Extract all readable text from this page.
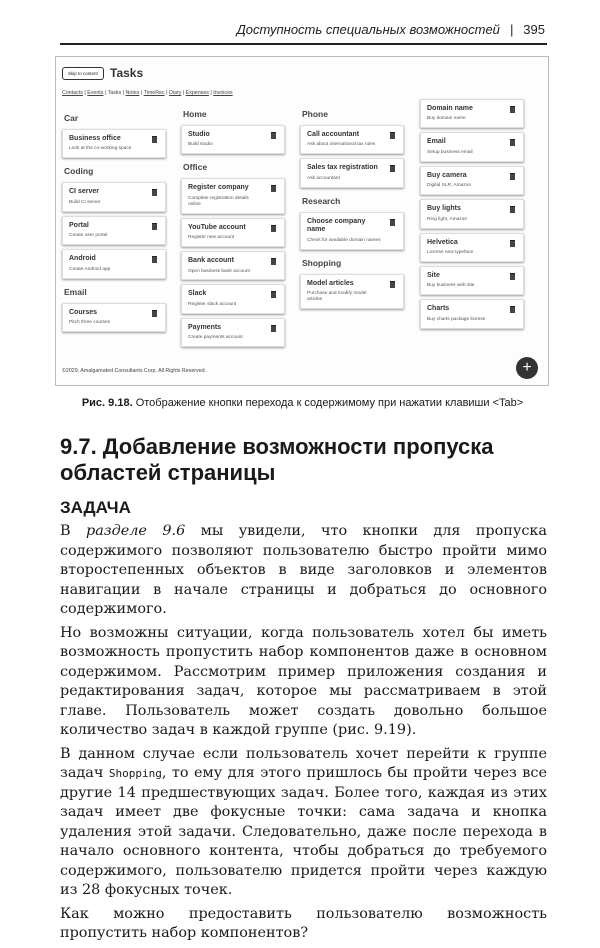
Доступность специальных возможностей | 395
Skip to content	Tasks
Contacts | Events | Tasks | Notes | TimeRec | Diary | Expenses | Invoices
Car
Business office
Look at the co-working space
Coding
CI server
Build CI server
Portal
Create user portal
Android
Create Android app
Email
Courses
Pitch three courses
Home
Studio
Build studio
Office
Register company
Complete registration details online
YouTube account
Register new account
Bank account
Open business bank account
Slack
Register slack account
Payments
Create payments account
Phone
Call accountant
Ask about international tax rules
Sales tax registration
Ask accountant
Research
Choose company name
Check for available domain names
Shopping
Model articles
Purchase and modify model articles
Domain name
Buy domain name
Email
Setup business email
Buy camera
Digital SLR, Amazon
Buy lights
Ring light, Amazon
Helvetica
License new typeface
Site
Buy business web site
Charts
Buy charts package license
©2029, Amalgamated Consultants Corp. All Rights Reserved.	+
Рис. 9.18. Отображение кнопки перехода к содержимому при нажатии клавиши <Tab>
9.7. Добавление возможности пропуска областей страницы
ЗАДАЧА

В разделе 9.6 мы увидели, что кнопки для пропуска содержимого позволяют пользователю быстро пройти мимо второстепенных объектов в виде заголовков и элементов навигации в начале страницы и добраться до основного содержимого.

Но возможны ситуации, когда пользователь хотел бы иметь возможность пропустить набор компонентов даже в основном содержимом. Рассмотрим пример приложения создания и редактирования задач, которое мы рассматриваем в этой главе. Пользователь может создать довольно большое количество задач в каждой группе (рис. 9.19).

В данном случае если пользователь хочет перейти к группе задач Shopping, то ему для этого пришлось бы пройти через все другие 14 предшествующих задач. Более того, каждая из этих задач имеет две фокусные точки: сама задача и кнопка удаления этой задачи. Следовательно, даже после перехода в начало основного контента, чтобы добраться до требуемого содержимого, пользователю придется пройти через каждую из 28 фокусных точек.

Как можно предоставить пользователю возможность пропустить набор компонентов?
